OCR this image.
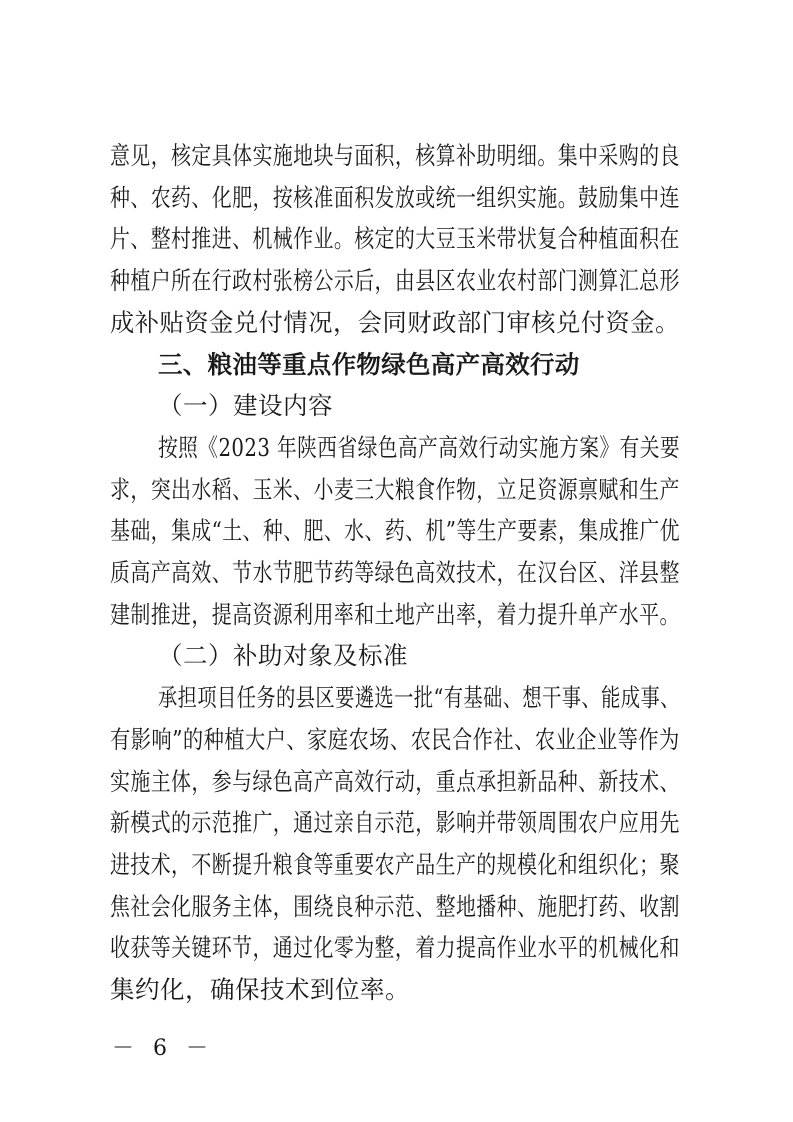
意见，核定具体实施地块与面积，核算补助明细。集中采购的良
种、农药、化肥，按核准面积发放或统一组织实施。鼓励集中连
片、整村推进、机械作业。核定的大豆玉米带状复合种植面积在
种植户所在行政村张榜公示后，由县区农业农村部门测算汇总形
成补贴资金兑付情况，会同财政部门审核兑付资金。
三、粮油等重点作物绿色高产高效行动
（一）建设内容
按照《2023 年陕西省绿色高产高效行动实施方案》有关要
求，突出水稻、玉米、小麦三大粮食作物，立足资源禀赋和生产
基础，集成“土、种、肥、水、药、机”等生产要素，集成推广优
质高产高效、节水节肥节药等绿色高效技术，在汉台区、洋县整
建制推进，提高资源利用率和土地产出率，着力提升单产水平。
（二）补助对象及标准
承担项目任务的县区要遴选一批“有基础、想干事、能成事、
有影响”的种植大户、家庭农场、农民合作社、农业企业等作为
实施主体，参与绿色高产高效行动，重点承担新品种、新技术、
新模式的示范推广，通过亲自示范，影响并带领周围农户应用先
进技术，不断提升粮食等重要农产品生产的规模化和组织化；聚
焦社会化服务主体，围绕良种示范、整地播种、施肥打药、收割
收获等关键环节，通过化零为整，着力提高作业水平的机械化和
集约化，确保技术到位率。
－ 6 －
